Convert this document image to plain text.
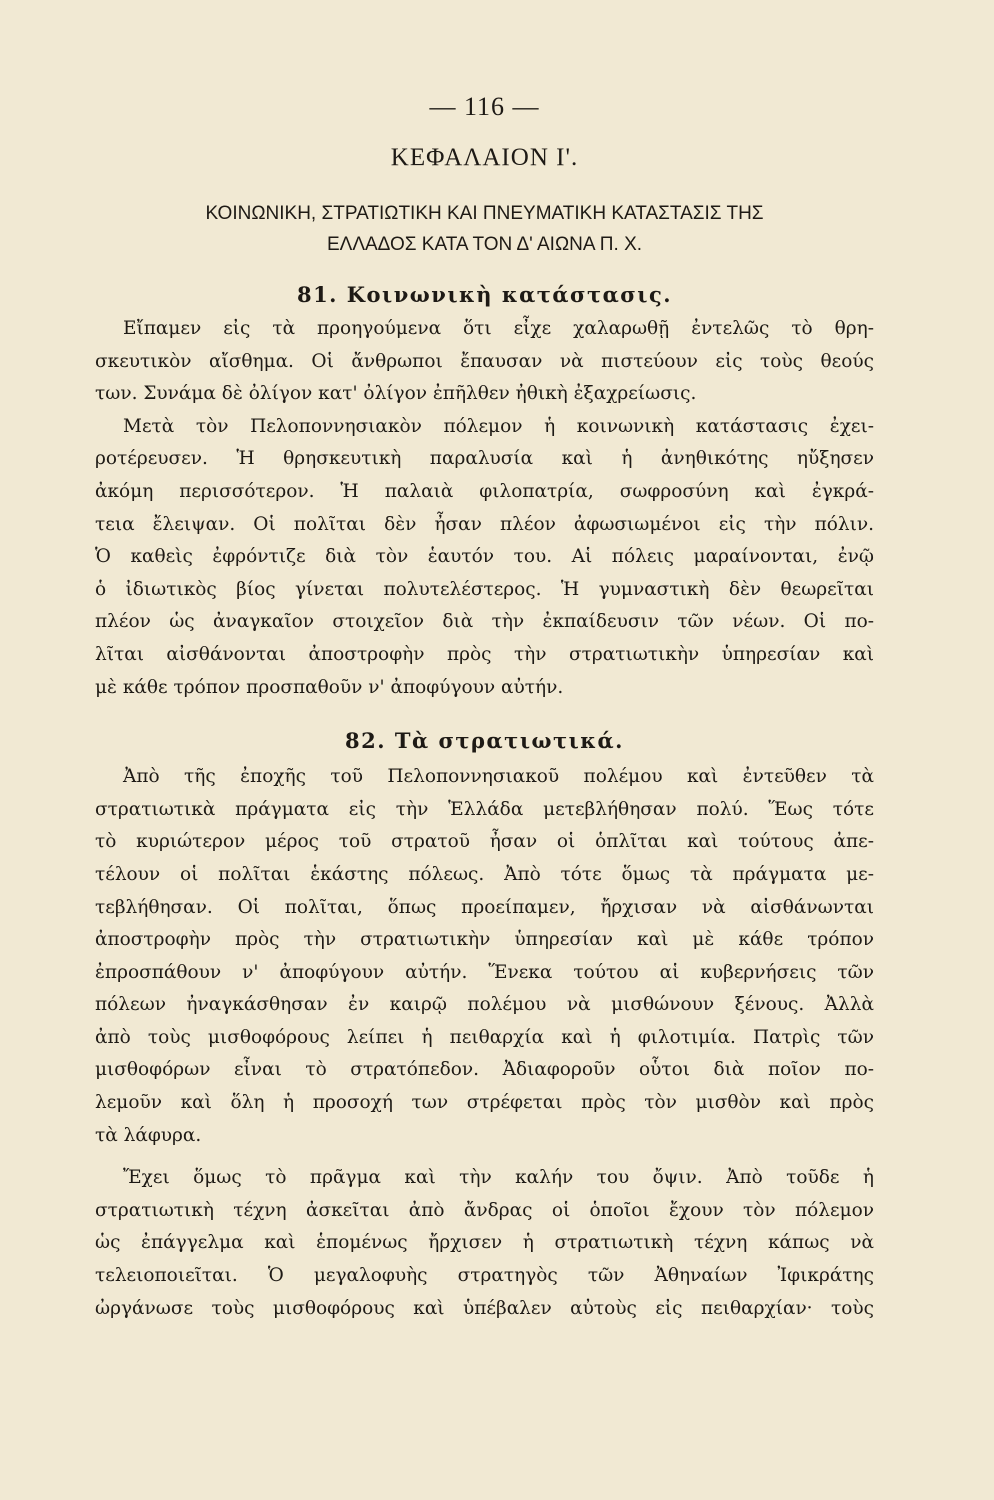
— 116 —
ΚΕΦΑΛΑΙΟΝ Ι'.
ΚΟΙΝΩΝΙΚΗ, ΣΤΡΑΤΙΩΤΙΚΗ ΚΑΙ ΠΝΕΥΜΑΤΙΚΗ ΚΑΤΑΣΤΑΣΙΣ ΤΗΣ
ΕΛΛΑΔΟΣ ΚΑΤΑ ΤΟΝ Δ' ΑΙΩΝΑ Π. Χ.
81. Κοινωνικὴ κατάστασις.
Εἴπαμεν εἰς τὰ προηγούμενα ὅτι εἶχε χαλαρωθῇ ἐντελῶς τὸ θρη-
σκευτικὸν αἴσθημα. Οἱ ἄνθρωποι ἔπαυσαν νὰ πιστεύουν εἰς τοὺς θεούς
των. Συνάμα δὲ ὀλίγον κατ' ὀλίγον ἐπῆλθεν ἠθικὴ ἐξαχρείωσις.
Μετὰ τὸν Πελοποννησιακὸν πόλεμον ἡ κοινωνικὴ κατάστασις ἐχει-
ροτέρευσεν. Ἡ θρησκευτικὴ παραλυσία καὶ ἡ ἀνηθικότης ηὔξησεν
ἀκόμη περισσότερον. Ἡ παλαιὰ φιλοπατρία, σωφροσύνη καὶ ἐγκρά-
τεια ἔλειψαν. Οἱ πολῖται δὲν ἦσαν πλέον ἀφωσιωμένοι εἰς τὴν πόλιν.
Ὁ καθεὶς ἐφρόντιζε διὰ τὸν ἑαυτόν του. Αἱ πόλεις μαραίνονται, ἐνῷ
ὁ ἰδιωτικὸς βίος γίνεται πολυτελέστερος. Ἡ γυμναστικὴ δὲν θεωρεῖται
πλέον ὡς ἀναγκαῖον στοιχεῖον διὰ τὴν ἐκπαίδευσιν τῶν νέων. Οἱ πο-
λῖται αἰσθάνονται ἀποστροφὴν πρὸς τὴν στρατιωτικὴν ὑπηρεσίαν καὶ
μὲ κάθε τρόπον προσπαθοῦν ν' ἀποφύγουν αὐτήν.
82. Τὰ στρατιωτικά.
Ἀπὸ τῆς ἐποχῆς τοῦ Πελοποννησιακοῦ πολέμου καὶ ἐντεῦθεν τὰ
στρατιωτικὰ πράγματα εἰς τὴν Ἑλλάδα μετεβλήθησαν πολύ. Ἕως τότε
τὸ κυριώτερον μέρος τοῦ στρατοῦ ἦσαν οἱ ὁπλῖται καὶ τούτους ἀπε-
τέλουν οἱ πολῖται ἑκάστης πόλεως. Ἀπὸ τότε ὅμως τὰ πράγματα με-
τεβλήθησαν. Οἱ πολῖται, ὅπως προείπαμεν, ἤρχισαν νὰ αἰσθάνωνται
ἀποστροφὴν πρὸς τὴν στρατιωτικὴν ὑπηρεσίαν καὶ μὲ κάθε τρόπον
ἐπροσπάθουν ν' ἀποφύγουν αὐτήν. Ἕνεκα τούτου αἱ κυβερνήσεις τῶν
πόλεων ἠναγκάσθησαν ἐν καιρῷ πολέμου νὰ μισθώνουν ξένους. Ἀλλὰ
ἀπὸ τοὺς μισθοφόρους λείπει ἡ πειθαρχία καὶ ἡ φιλοτιμία. Πατρὶς τῶν
μισθοφόρων εἶναι τὸ στρατόπεδον. Ἀδιαφοροῦν οὗτοι διὰ ποῖον πο-
λεμοῦν καὶ ὅλη ἡ προσοχή των στρέφεται πρὸς τὸν μισθὸν καὶ πρὸς
τὰ λάφυρα.
Ἔχει ὅμως τὸ πρᾶγμα καὶ τὴν καλήν του ὄψιν. Ἀπὸ τοῦδε ἡ
στρατιωτικὴ τέχνη ἀσκεῖται ἀπὸ ἄνδρας οἱ ὁποῖοι ἔχουν τὸν πόλεμον
ὡς ἐπάγγελμα καὶ ἑπομένως ἤρχισεν ἡ στρατιωτικὴ τέχνη κάπως νὰ
τελειοποιεῖται. Ὁ μεγαλοφυὴς στρατηγὸς τῶν Ἀθηναίων Ἰφικράτης
ὠργάνωσε τοὺς μισθοφόρους καὶ ὑπέβαλεν αὐτοὺς εἰς πειθαρχίαν· τοὺς
